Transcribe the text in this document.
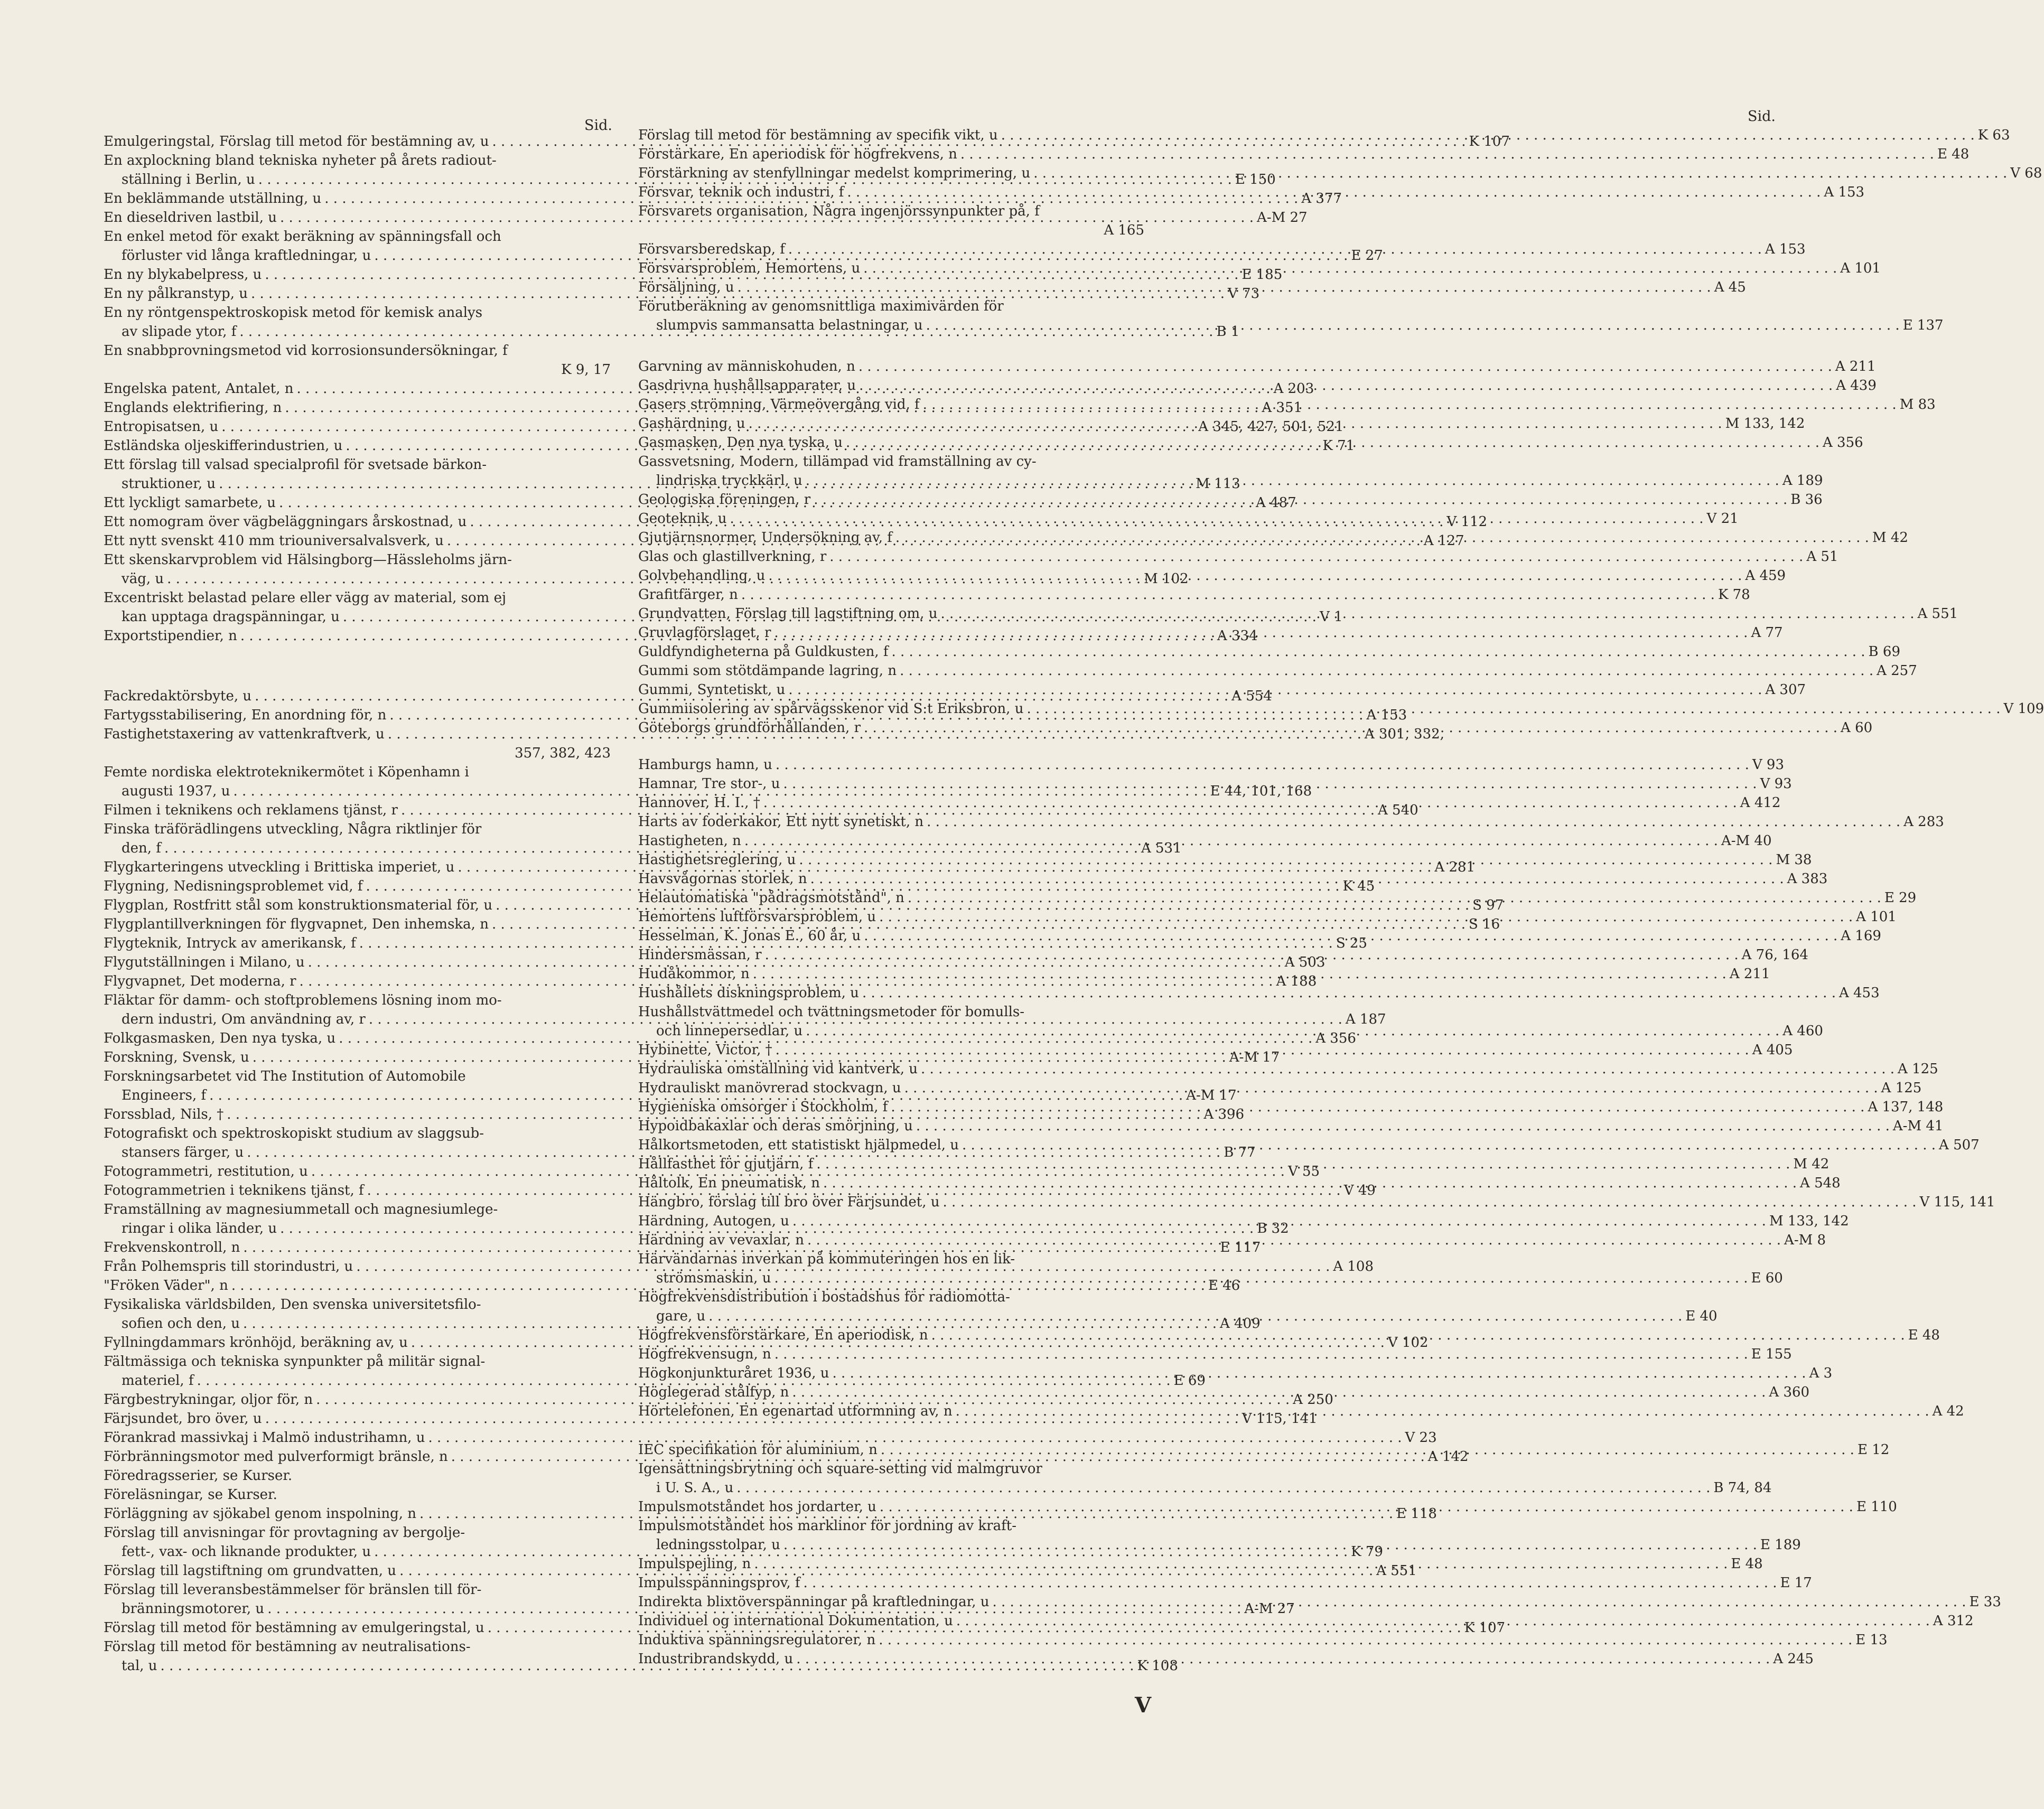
Sid.
Emulgeringstal, Förslag till metod för bestämning av, u . . .	K 107
En axplockning bland tekniska nyheter på årets radiout-
ställning i Berlin, u . . .	E 150
En beklämmande utställning, u . . .	A 377
En dieseldriven lastbil, u . . .	A-M 27
En enkel metod för exakt beräkning av spänningsfall och
förluster vid långa kraftledningar, u . . .	E 27
En ny blykabelpress, u . . .	E 185
En ny pålkranstyp, u . . .	V 73
En ny röntgenspektroskopisk metod för kemisk analys
av slipade ytor, f . . .	B 1
En snabbprovningsmetod vid korrosionsundersökningar, f
K 9, 17
Engelska patent, Antalet, n . . .	A 203
Englands elektrifiering, n . . .	A 351
Entropisatsen, u . . .	A 345, 427, 501, 521
Estländska oljeskifferindustrien, u . . .	K 71
Ett förslag till valsad specialprofil för svetsade bärkon-
struktioner, u . . .	M 113
Ett lyckligt samarbete, u . . .	A 487
Ett nomogram över vägbeläggningars årskostnad, u . . .	V 112
Ett nytt svenskt 410 mm triouniversalvalsverk, u . . .	A 127
Ett skenskarvproblem vid Hälsingborg—Hässleholms järn-
väg, u . . .	M 102
Excentriskt belastad pelare eller vägg av material, som ej
kan upptaga dragspänningar, u . . .	V 1
Exportstipendier, n . . .	A 334
Fackredaktörsbyte, u . . .	A 554
Fartygsstabilisering, En anordning för, n . . .	A 153
Fastighetstaxering av vattenkraftverk, u . . .	A 301, 332,
357, 382, 423
Femte nordiska elektroteknikermötet i Köpenhamn i
augusti 1937, u . . .	E 44, 101, 168
Filmen i teknikens och reklamens tjänst, r . . .	A 540
Finska träförädlingens utveckling, Några riktlinjer för
den, f . . .	A 531
Flygkarteringens utveckling i Brittiska imperiet, u . . .	A 281
Flygning, Nedisningsproblemet vid, f . . .	K 45
Flygplan, Rostfritt stål som konstruktionsmaterial för, u . . .	S 97
Flygplantillverkningen för flygvapnet, Den inhemska, n . . .	S 16
Flygteknik, Intryck av amerikansk, f . . .	S 25
Flygutställningen i Milano, u . . .	A 503
Flygvapnet, Det moderna, r . . .	A 188
Fläktar för damm- och stoftproblemens lösning inom mo-
dern industri, Om användning av, r . . .	A 187
Folkgasmasken, Den nya tyska, u . . .	A 356
Forskning, Svensk, u . . .	A-M 17
Forskningsarbetet vid The Institution of Automobile
Engineers, f . . .	A-M 17
Forssblad, Nils, † . . .	A 396
Fotografiskt och spektroskopiskt studium av slaggsub-
stansers färger, u . . .	B 77
Fotogrammetri, restitution, u . . .	V 55
Fotogrammetrien i teknikens tjänst, f . . .	V 49
Framställning av magnesiummetall och magnesiumlege-
ringar i olika länder, u . . .	B 32
Frekvenskontroll, n . . .	E 117
Från Polhemspris till storindustri, u . . .	A 108
"Fröken Väder", n . . .	E 46
Fysikaliska världsbilden, Den svenska universitetsfilo-
sofien och den, u . . .	A 409
Fyllningdammars krönhöjd, beräkning av, u . . .	V 102
Fältmässiga och tekniska synpunkter på militär signal-
materiel, f . . .	E 69
Färgbestrykningar, oljor för, n . . .	A 250
Färjsundet, bro över, u . . .	V 115, 141
Förankrad massivkaj i Malmö industrihamn, u . . .	V 23
Förbränningsmotor med pulverformigt bränsle, n . . .	A 142
Föredragsserier, se Kurser.
Föreläsningar, se Kurser.
Förläggning av sjökabel genom inspolning, n . . .	E 118
Förslag till anvisningar för provtagning av bergolje-
fett-, vax- och liknande produkter, u . . .	K 79
Förslag till lagstiftning om grundvatten, u . . .	A 551
Förslag till leveransbestämmelser för bränslen till för-
bränningsmotorer, u . . .	A-M 27
Förslag till metod för bestämning av emulgeringstal, u . . .	K 107
Förslag till metod för bestämning av neutralisations-
tal, u . . .	K 108
Sid.
Förslag till metod för bestämning av specifik vikt, u . . .	K 63
Förstärkare, En aperiodisk för högfrekvens, n . . .	E 48
Förstärkning av stenfyllningar medelst komprimering, u . . .	V 68
Försvar, teknik och industri, f . . .	A 153
Försvarets organisation, Några ingenjörssynpunkter på, f
A 165
Försvarsberedskap, f . . .	A 153
Försvarsproblem, Hemortens, u . . .	A 101
Försäljning, u . . .	A 45
Förutberäkning av genomsnittliga maximivärden för
slumpvis sammansatta belastningar, u . . .	E 137
Garvning av människohuden, n . . .	A 211
Gasdrivna hushållsapparater, u . . .	A 439
Gasers strömning, Värmeövergång vid, f . . .	M 83
Gashärdning, u . . .	M 133, 142
Gasmasken, Den nya tyska, u . . .	A 356
Gassvetsning, Modern, tillämpad vid framställning av cy-
lindriska tryckkärl, u . . .	A 189
Geologiska föreningen, r . . .	B 36
Geoteknik, u . . .	V 21
Gjutjärnsnormer, Undersökning av, f . . .	M 42
Glas och glastillverkning, r . . .	A 51
Golvbehandling, u . . .	A 459
Grafitfärger, n . . .	K 78
Grundvatten, Förslag till lagstiftning om, u . . .	A 551
Gruvlagförslaget, r . . .	A 77
Guldfyndigheterna på Guldkusten, f . . .	B 69
Gummi som stötdämpande lagring, n . . .	A 257
Gummi, Syntetiskt, u . . .	A 307
Gummiisolering av spårvägsskenor vid S:t Eriksbron, u . . .	V 109
Göteborgs grundförhållanden, r . . .	A 60
Hamburgs hamn, u . . .	V 93
Hamnar, Tre stor-, u . . .	V 93
Hannover, H. I., † . . .	A 412
Harts av foderkakor, Ett nytt synetiskt, n . . .	A 283
Hastigheten, n . . .	A-M 40
Hastighetsreglering, u . . .	M 38
Havsvågornas storlek, n . . .	A 383
Helautomatiska "pådragsmotstånd", n . . .	E 29
Hemortens luftförsvarsproblem, u . . .	A 101
Hesselman, K. Jonas E., 60 år, u . . .	A 169
Hindersmässan, r . . .	A 76, 164
Hudåkommor, n . . .	A 211
Hushållets diskningsproblem, u . . .	A 453
Hushållstvättmedel och tvättningsmetoder för bomulls-
och linnepersedlar, u . . .	A 460
Hybinette, Victor, † . . .	A 405
Hydrauliska omställning vid kantverk, u . . .	A 125
Hydrauliskt manövrerad stockvagn, u . . .	A 125
Hygieniska omsorger i Stockholm, f . . .	A 137, 148
Hypoidbakaxlar och deras smörjning, u . . .	A-M 41
Hålkortsmetoden, ett statistiskt hjälpmedel, u . . .	A 507
Hållfasthet för gjutjärn, f . . .	M 42
Håltolk, En pneumatisk, n . . .	A 548
Hängbro, förslag till bro över Färjsundet, u . . .	V 115, 141
Härdning, Autogen, u . . .	M 133, 142
Härdning av vevaxlar, n . . .	A-M 8
Härvändarnas inverkan på kommuteringen hos en lik-
strömsmaskin, u . . .	E 60
Högfrekvensdistribution i bostadshus för radiomotta-
gare, u . . .	E 40
Högfrekvensförstärkare, En aperiodisk, n . . .	E 48
Högfrekvensugn, n . . .	E 155
Högkonjunkturåret 1936, u . . .	A 3
Höglegerad stålfyp, n . . .	A 360
Hörtelefonen, En egenartad utformning av, n . . .	A 42
IEC specifikation för aluminium, n . . .	E 12
Igensättningsbrytning och square-setting vid malmgruvor
i U. S. A., u . . .	B 74, 84
Impulsmotståndet hos jordarter, u . . .	E 110
Impulsmotståndet hos marklinor för jordning av kraft-
ledningsstolpar, u . . .	E 189
Impulspejling, n . . .	E 48
Impulsspänningsprov, f . . .	E 17
Indirekta blixtöverspänningar på kraftledningar, u . . .	E 33
Individuel og international Dokumentation, u . . .	A 312
Induktiva spänningsregulatorer, n . . .	E 13
Industribrandskydd, u . . .	A 245
V
